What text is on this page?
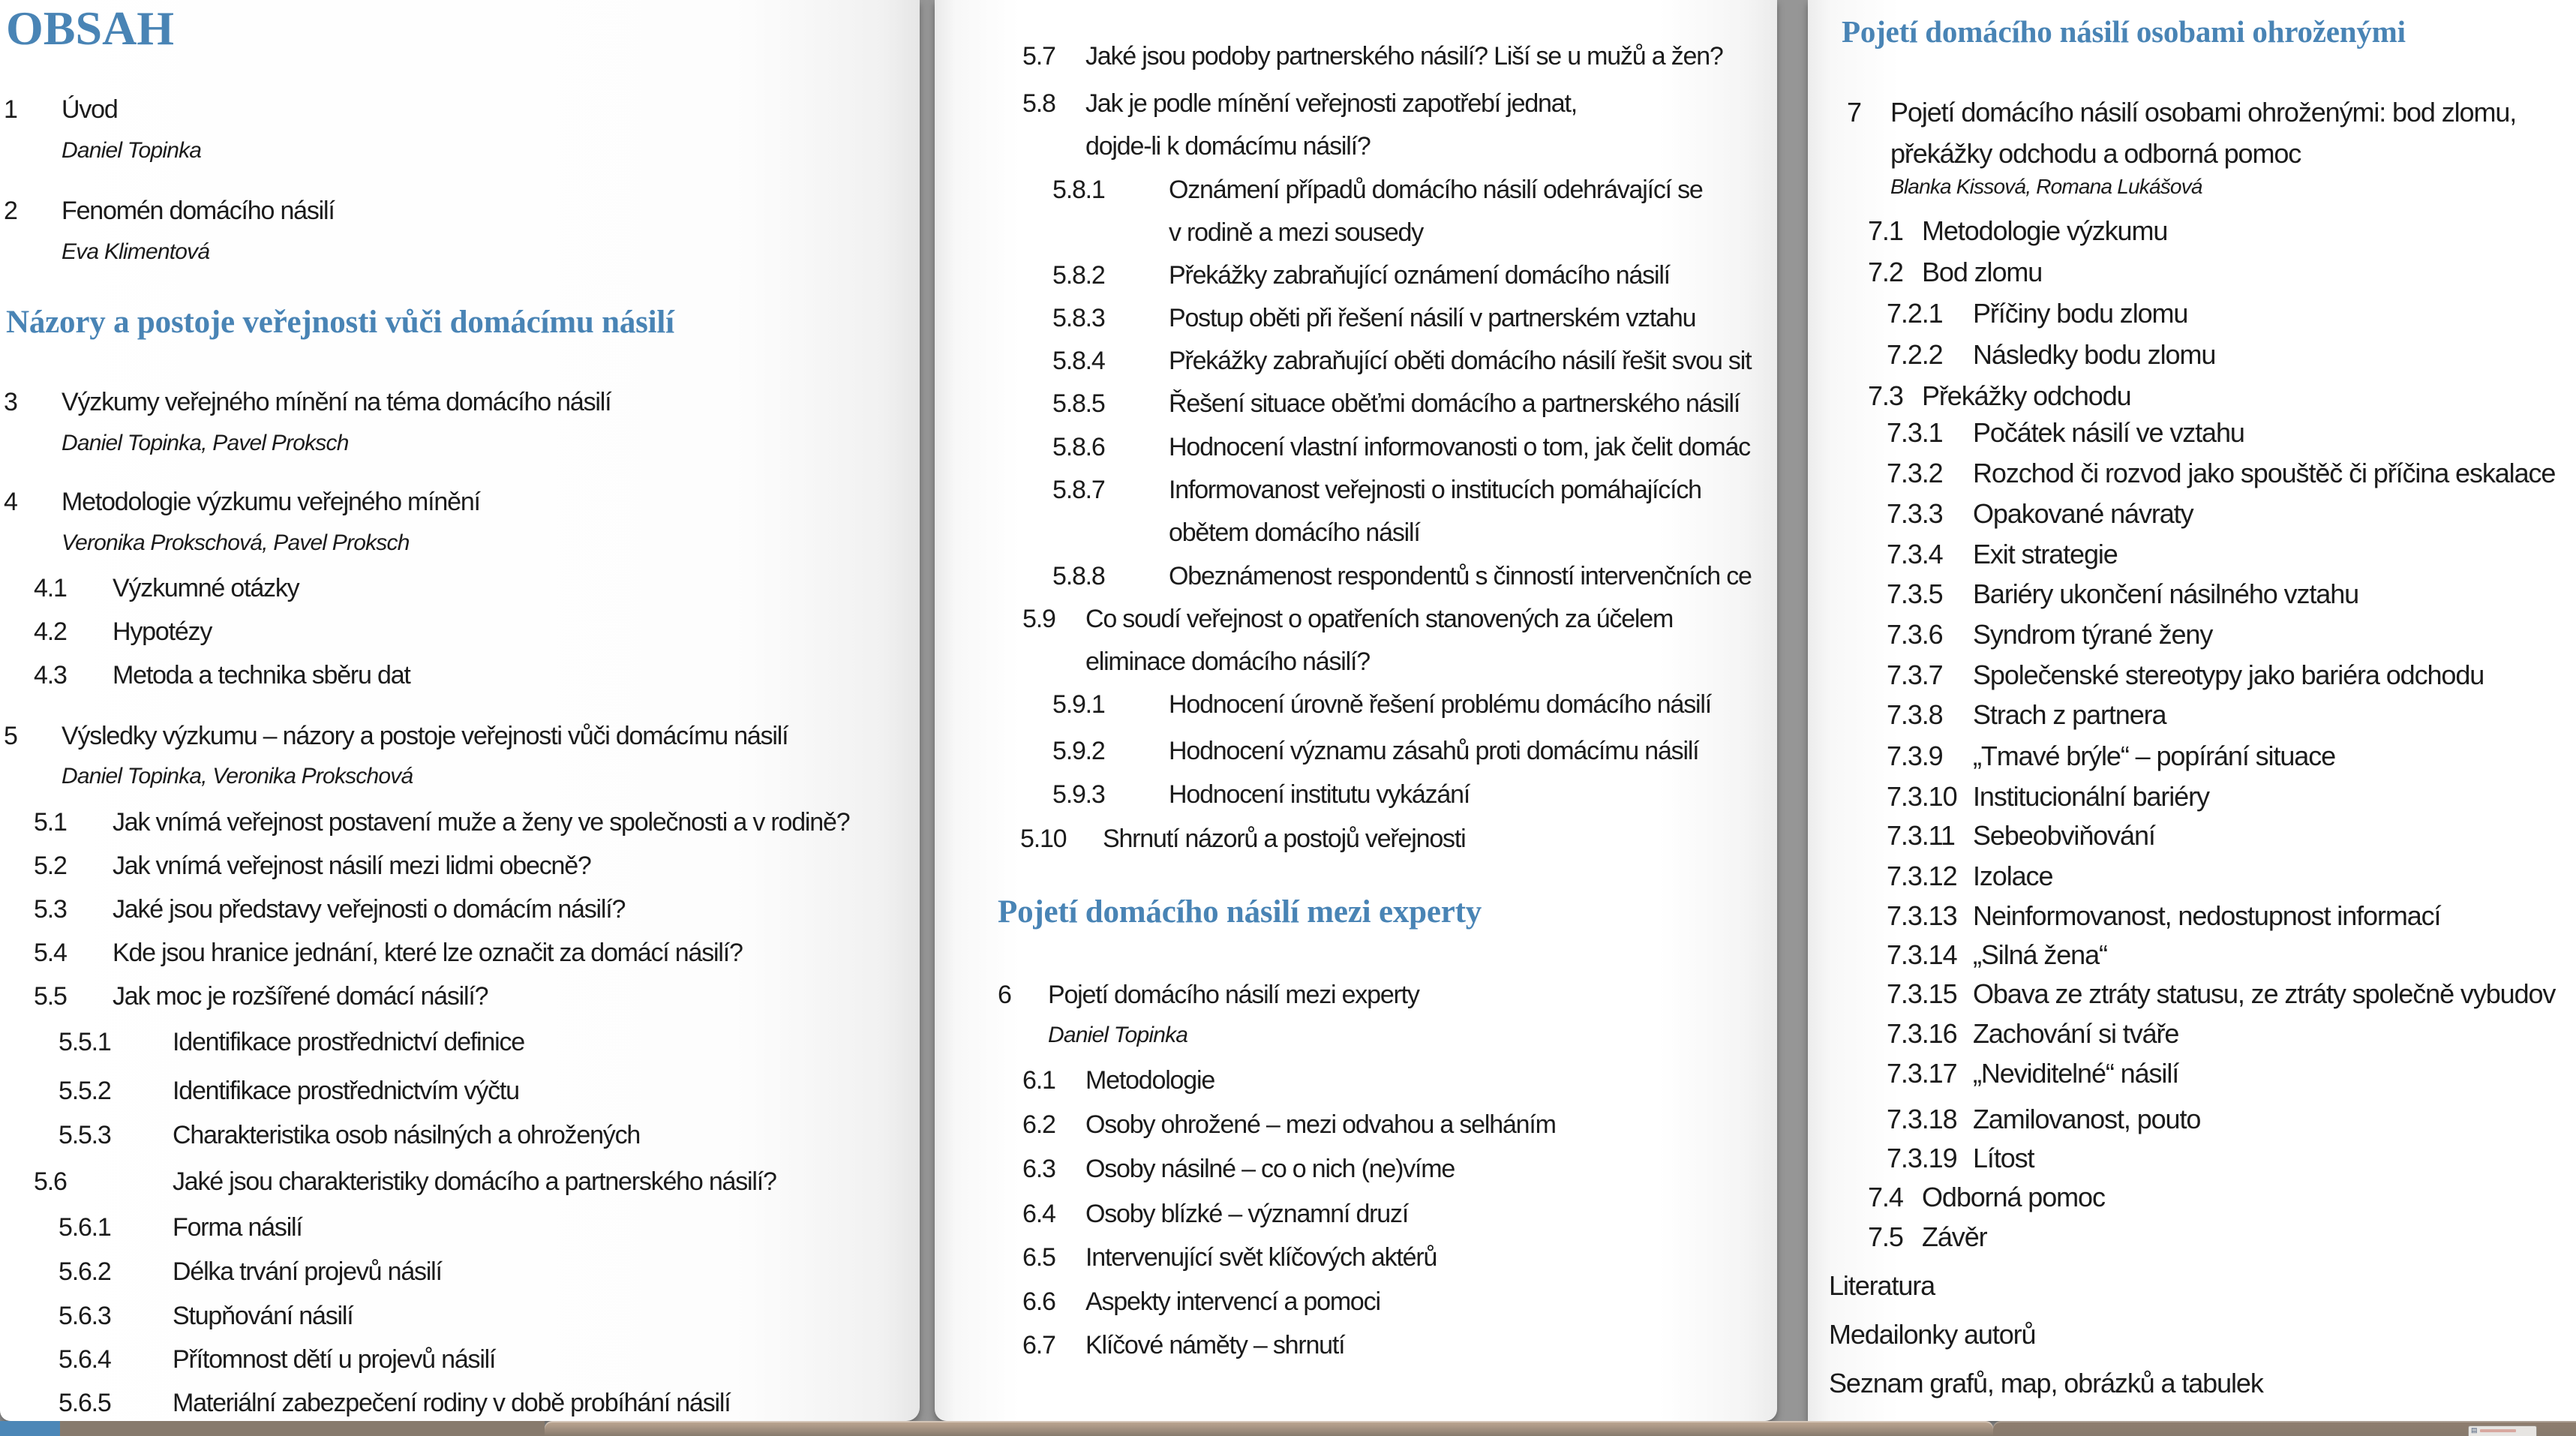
OBSAH
1 Úvod
Daniel Topinka
2 Fenomén domácího násilí
Eva Klimentová
Názory a postoje veřejnosti vůči domácímu násilí
3 Výzkumy veřejného mínění na téma domácího násilí
Daniel Topinka, Pavel Proksch
4 Metodologie výzkumu veřejného mínění
Veronika Prokschová, Pavel Proksch
4.1 Výzkumné otázky
4.2 Hypotézy
4.3 Metoda a technika sběru dat
5 Výsledky výzkumu – názory a postoje veřejnosti vůči domácímu násilí
Daniel Topinka, Veronika Prokschová
5.1 Jak vnímá veřejnost postavení muže a ženy ve společnosti a v rodině?
5.2 Jak vnímá veřejnost násilí mezi lidmi obecně?
5.3 Jaké jsou představy veřejnosti o domácím násilí?
5.4 Kde jsou hranice jednání, které lze označit za domácí násilí?
5.5 Jak moc je rozšířené domácí násilí?
5.5.1 Identifikace prostřednictví definice
5.5.2 Identifikace prostřednictvím výčtu
5.5.3 Charakteristika osob násilných a ohrožených
5.6	Jaké jsou charakteristiky domácího a partnerského násilí?
5.6.1 Forma násilí
5.6.2 Délka trvání projevů násilí
5.6.3 Stupňování násilí
5.6.4 Přítomnost dětí u projevů násilí
5.6.5 Materiální zabezpečení rodiny v době probíhání násilí
5.7 Jaké jsou podoby partnerského násilí? Liší se u mužů a žen?
5.8 Jak je podle mínění veřejnosti zapotřebí jednat,
dojde-li k domácímu násilí?
5.8.1	Oznámení případů domácího násilí odehrávající se
v rodině a mezi sousedy
5.8.2	Překážky zabraňující oznámení domácího násilí
5.8.3	Postup oběti při řešení násilí v partnerském vztahu
5.8.4	Překážky zabraňující oběti domácího násilí řešit svou sit
5.8.5	Řešení situace oběťmi domácího a partnerského násilí
5.8.6	Hodnocení vlastní informovanosti o tom, jak čelit domác
5.8.7	Informovanost veřejnosti o institucích pomáhajících
obětem domácího násilí
5.8.8	Obeznámenost respondentů s činností intervenčních ce
5.9 Co soudí veřejnost o opatřeních stanovených za účelem
eliminace domácího násilí?
5.9.1	Hodnocení úrovně řešení problému domácího násilí
5.9.2	Hodnocení významu zásahů proti domácímu násilí
5.9.3	Hodnocení institutu vykázání
5.10 Shrnutí názorů a postojů veřejnosti
Pojetí domácího násilí mezi experty
6 Pojetí domácího násilí mezi experty
Daniel Topinka
6.1 Metodologie
6.2 Osoby ohrožené – mezi odvahou a selháním
6.3 Osoby násilné – co o nich (ne)víme
6.4 Osoby blízké – významní druzí
6.5 Intervenující svět klíčových aktérů
6.6 Aspekty intervencí a pomoci
6.7 Klíčové náměty – shrnutí
Pojetí domácího násilí osobami ohroženými
7 Pojetí domácího násilí osobami ohroženými: bod zlomu,
překážky odchodu a odborná pomoc
Blanka Kissová, Romana Lukášová
7.1 Metodologie výzkumu
7.2 Bod zlomu
7.2.1 Příčiny bodu zlomu
7.2.2 Následky bodu zlomu
7.3 Překážky odchodu
7.3.1 Počátek násilí ve vztahu
7.3.2 Rozchod či rozvod jako spouštěč či příčina eskalace
7.3.3 Opakované návraty
7.3.4 Exit strategie
7.3.5 Bariéry ukončení násilného vztahu
7.3.6 Syndrom týrané ženy
7.3.7 Společenské stereotypy jako bariéra odchodu
7.3.8 Strach z partnera
7.3.9 „Tmavé brýle“ – popírání situace
7.3.10 Institucionální bariéry
7.3.11 Sebeobviňování
7.3.12 Izolace
7.3.13 Neinformovanost, nedostupnost informací
7.3.14 „Silná žena“
7.3.15 Obava ze ztráty statusu, ze ztráty společně vybudov
7.3.16 Zachování si tváře
7.3.17 „Neviditelné“ násilí
7.3.18 Zamilovanost, pouto
7.3.19 Lítost
7.4 Odborná pomoc
7.5 Závěr
Literatura
Medailonky autorů
Seznam grafů, map, obrázků a tabulek
▤
